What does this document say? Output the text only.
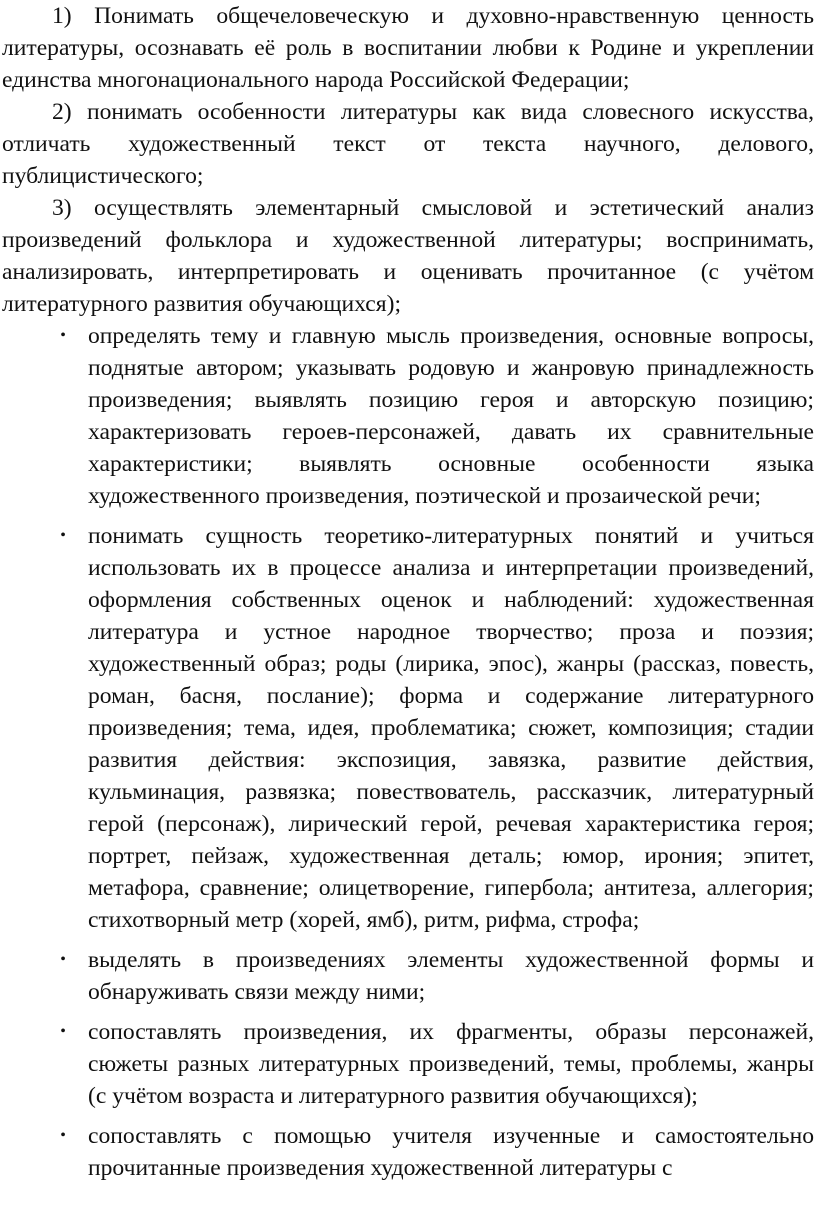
1) Понимать общечеловеческую и духовно-нравственную ценность литературы, осознавать её роль в воспитании любви к Родине и укреплении единства многонационального народа Российской Федерации;

2) понимать особенности литературы как вида словесного искусства, отличать художественный текст от текста научного, делового, публицистического;

3) осуществлять элементарный смысловой и эстетический анализ произведений фольклора и художественной литературы; воспринимать, анализировать, интерпретировать и оценивать прочитанное (с учётом литературного развития обучающихся);

• определять тему и главную мысль произведения, основные вопросы, поднятые автором; указывать родовую и жанровую принадлежность произведения; выявлять позицию героя и авторскую позицию; характеризовать героев-персонажей, давать их сравнительные характеристики; выявлять основные особенности языка художественного произведения, поэтической и прозаической речи;
• понимать сущность теоретико-литературных понятий и учиться использовать их в процессе анализа и интерпретации произведений, оформления собственных оценок и наблюдений: художественная литература и устное народное творчество; проза и поэзия; художественный образ; роды (лирика, эпос), жанры (рассказ, повесть, роман, басня, послание); форма и содержание литературного произведения; тема, идея, проблематика; сюжет, композиция; стадии развития действия: экспозиция, завязка, развитие действия, кульминация, развязка; повествователь, рассказчик, литературный герой (персонаж), лирический герой, речевая характеристика героя; портрет, пейзаж, художественная деталь; юмор, ирония; эпитет, метафора, сравнение; олицетворение, гипербола; антитеза, аллегория; стихотворный метр (хорей, ямб), ритм, рифма, строфа;
• выделять в произведениях элементы художественной формы и обнаруживать связи между ними;
• сопоставлять произведения, их фрагменты, образы персонажей, сюжеты разных литературных произведений, темы, проблемы, жанры (с учётом возраста и литературного развития обучающихся);
• сопоставлять с помощью учителя изученные и самостоятельно прочитанные произведения художественной литературы с
